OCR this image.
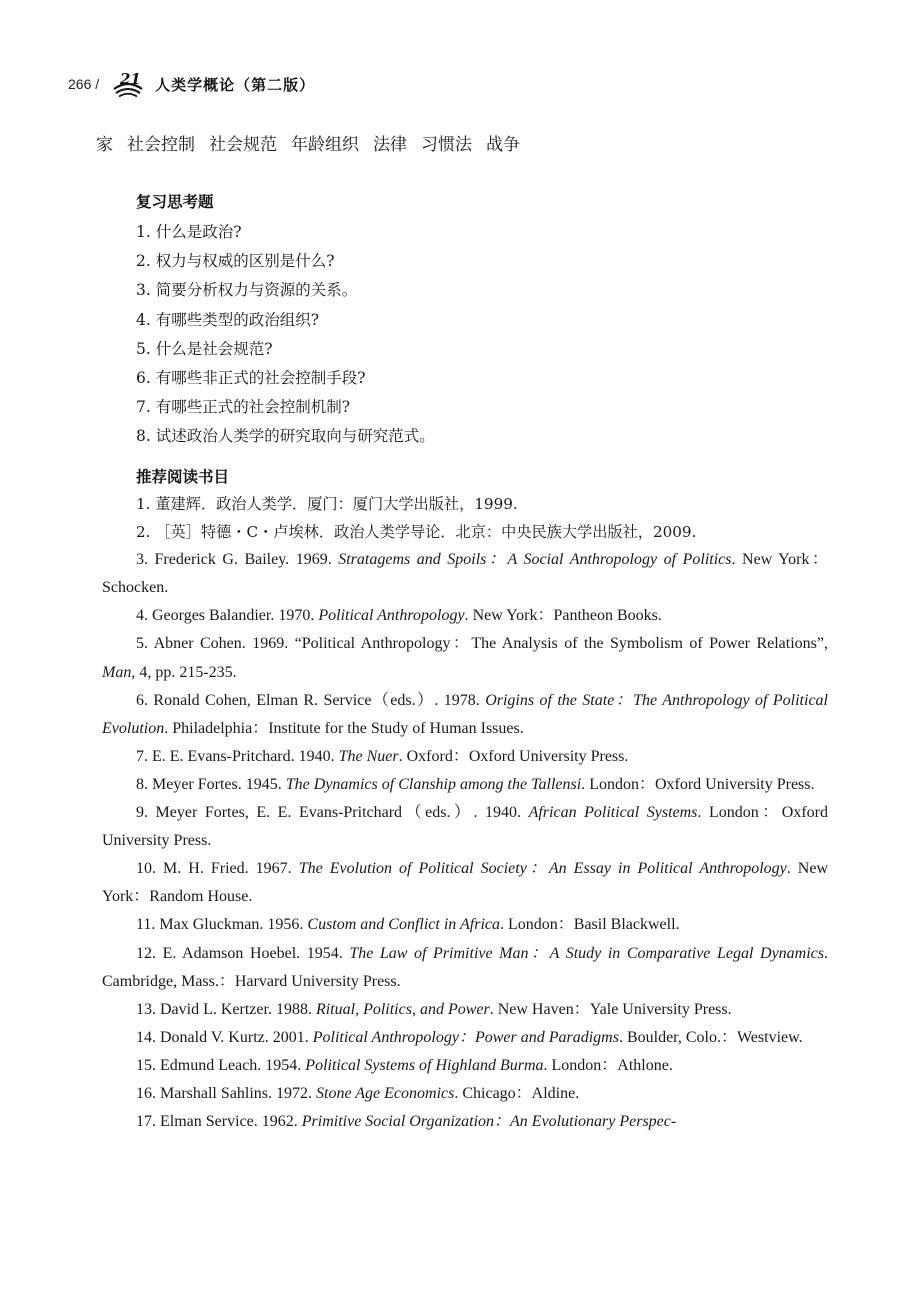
266 / 21 人类学概论（第二版）
家 社会控制 社会规范 年龄组织 法律 习惯法 战争
复习思考题
1. 什么是政治?
2. 权力与权威的区别是什么?
3. 简要分析权力与资源的关系。
4. 有哪些类型的政治组织?
5. 什么是社会规范?
6. 有哪些非正式的社会控制手段?
7. 有哪些正式的社会控制机制?
8. 试述政治人类学的研究取向与研究范式。
推荐阅读书目

1. 董建辉．政治人类学．厦门：厦门大学出版社，1999.

2. ［英］特德・C・卢埃林．政治人类学导论．北京：中央民族大学出版社，2009.

3. Frederick G. Bailey. 1969. Stratagems and Spoils：A Social Anthropology of Politics. New York：Schocken.

4. Georges Balandier. 1970. Political Anthropology. New York：Pantheon Books.

5. Abner Cohen. 1969. “Political Anthropology：The Analysis of the Symbolism of Power Relations”, Man, 4, pp. 215-235.

6. Ronald Cohen, Elman R. Service（eds.）. 1978. Origins of the State：The Anthropology of Political Evolution. Philadelphia：Institute for the Study of Human Issues.

7. E. E. Evans-Pritchard. 1940. The Nuer. Oxford：Oxford University Press.

8. Meyer Fortes. 1945. The Dynamics of Clanship among the Tallensi. London：Oxford University Press.

9. Meyer Fortes, E. E. Evans-Pritchard（eds.）. 1940. African Political Systems. London：Oxford University Press.

10. M. H. Fried. 1967. The Evolution of Political Society：An Essay in Political Anthropology. New York：Random House.

11. Max Gluckman. 1956. Custom and Conflict in Africa. London：Basil Blackwell.

12. E. Adamson Hoebel. 1954. The Law of Primitive Man：A Study in Comparative Legal Dynamics. Cambridge, Mass.：Harvard University Press.

13. David L. Kertzer. 1988. Ritual, Politics, and Power. New Haven：Yale University Press.

14. Donald V. Kurtz. 2001. Political Anthropology：Power and Paradigms. Boulder, Colo.：Westview.

15. Edmund Leach. 1954. Political Systems of Highland Burma. London：Athlone.

16. Marshall Sahlins. 1972. Stone Age Economics. Chicago：Aldine.

17. Elman Service. 1962. Primitive Social Organization：An Evolutionary Perspec-
